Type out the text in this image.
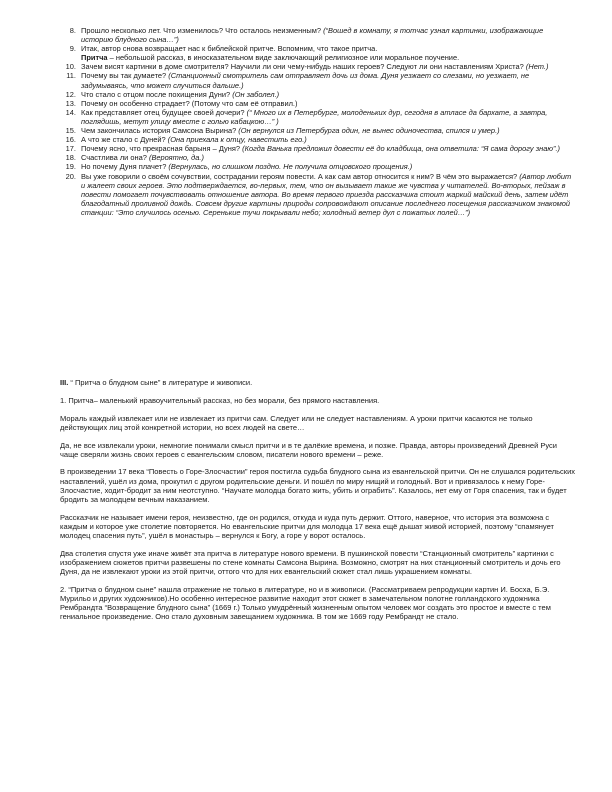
8. Прошло несколько лет. Что изменилось? Что осталось неизменным? (“Вошед в комнату, я тотчас узнал картинки, изображающие историю блудного сына…”)
9. Итак, автор снова возвращает нас к библейской притче. Вспомним, что такое притча.
Притча – небольшой рассказ, в иносказательном виде заключающий религиозное или моральное поучение.
10. Зачем висят картинки в доме смотрителя? Научили ли они чему-нибудь наших героев? Следуют ли они наставлениям Христа? (Нет.)
11. Почему вы так думаете? (Станционный смотритель сам отправляет дочь из дома. Дуня уезжает со слезами, но уезжает, не задумываясь, что может случиться дальше.)
12. Что стало с отцом после похищения Дуни? (Он заболел.)
13. Почему он особенно страдает? (Потому что сам её отправил.)
14. Как представляет отец будущее своей дочери? (“ Много их в Петербурге, молоденьких дур, сегодня в атласе да бархате, а завтра, поглядишь, метут улицу вместе с голью кабацкою…” )
15. Чем закончилась история Самсона Вырина? (Он вернулся из Петербурга один, не вынес одиночества, спился и умер.)
16. А что же стало с Дуней? (Она приехала к отцу, навестить его.)
17. Почему ясно, что прекрасная барыня – Дуня? (Когда Ванька предложил довести её до кладбища, она ответила: “Я сама дорогу знаю”.)
18. Счастлива ли она? (Вероятно, да.)
19. Но почему Дуня плачет? (Вернулась, но слишком поздно. Не получила отцовского прощения.)
20. Вы уже говорили о своём сочувствии, сострадании героям повести. А как сам автор относится к ним? В чём это выражается? (Автор любит и жалеет своих героев. Это подтверждается, во-первых, тем, что он вызывает такие же чувства у читателей. Во-вторых, пейзаж в повести помогает почувствовать отношение автора. Во время первого приезда рассказчика стоит жаркий майский день, затем идёт благодатный проливной дождь. Совсем другие картины природы сопровождают описание последнего посещения рассказчиком знакомой станции: “Это случилось осенью. Серенькие тучи покрывали небо; холодный ветер дул с пожатых полей…”)

III. “ Притча о блудном сыне” в литературе и живописи.

1. Притча– маленький нравоучительный рассказ, но без морали, без прямого наставления.

Мораль каждый извлекает или не извлекает из притчи сам. Следует или не следует наставлениям. А уроки притчи касаются не только действующих лиц этой конкретной истории, но всех людей на свете…

Да, не все извлекали уроки, немногие понимали смысл притчи и в те далёкие времена, и позже. Правда, авторы произведений Древней Руси чаще сверяли жизнь своих героев с евангельским словом, писатели нового времени – реже.

В произведении 17 века “Повесть о Горе-Злосчастии” героя постигла судьба блудного сына из евангельской притчи. Он не слушался родительских наставлений, ушёл из дома, прокутил с другом родительские деньги. И пошёл по миру нищий и голодный. Вот и привязалось к нему Горе-Злосчастие, ходит-бродит за ним неотступно. “Научате молодца богато жить, убить и ограбить”. Казалось, нет ему от Горя спасения, так и будет бродить за молодцем вечным наказанием.

Рассказчик не называет имени героя, неизвестно, где он родился, откуда и куда путь держит. Оттого, наверное, что история эта возможна с каждым и которое уже столетие повторяется. Но евангельские притчи для молодца 17 века ещё дышат живой историей, поэтому “спамянует молодец спасения путь”, ушёл в монастырь – вернулся к Богу, а горе у ворот осталось.

Два столетия спустя уже иначе живёт эта притча в литературе нового времени. В пушкинской повести “Станционный смотритель” картинки с изображением сюжетов притчи развешены по стене комнаты Самсона Вырина. Возможно, смотрят на них станционный смотритель и дочь его Дуня, да не извлекают уроки из этой притчи, оттого что для них евангельский сюжет стал лишь украшением комнаты.

2. “Притча о блудном сыне” нашла отражение не только в литературе, но и в живописи. (Рассматриваем репродукции картин И. Босха, Б.Э. Мурильо и других художников).Но особенно интересное развитие находит этот сюжет в замечательном полотне голландского художника Рембрандта “Возвращение блудного сына” (1669 г.) Только умудрённый жизненным опытом человек мог создать это простое и вместе с тем гениальное произведение. Оно стало духовным завещанием художника. В том же 1669 году Рембрандт не стало.
